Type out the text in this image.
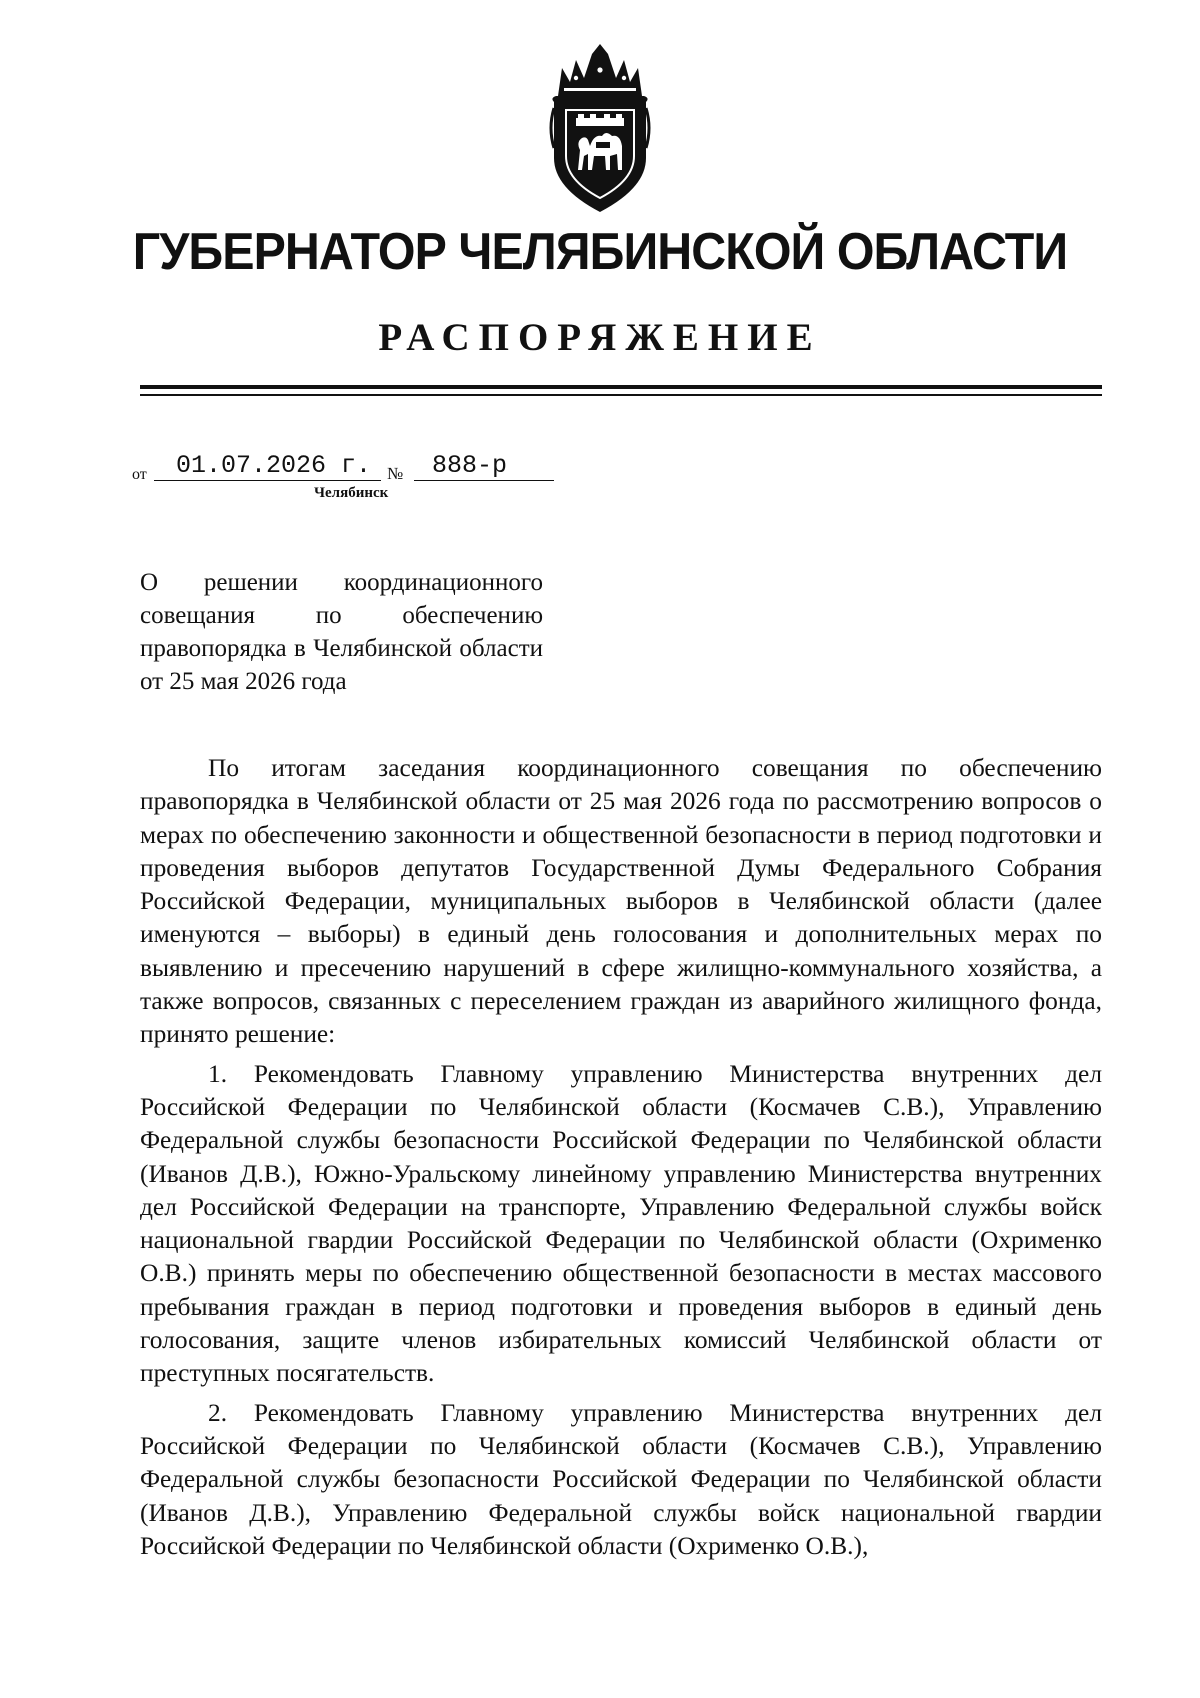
ГУБЕРНАТОР ЧЕЛЯБИНСКОЙ ОБЛАСТИ
РАСПОРЯЖЕНИЕ
от 01.07.2026 г. № 888-р
Челябинск
О решении координационного совещания по обеспечению правопорядка в Челябинской области от 25 мая 2026 года

По итогам заседания координационного совещания по обеспечению правопорядка в Челябинской области от 25 мая 2026 года по рассмотрению вопросов о мерах по обеспечению законности и общественной безопасности в период подготовки и проведения выборов депутатов Государственной Думы Федерального Собрания Российской Федерации, муниципальных выборов в Челябинской области (далее именуются – выборы) в единый день голосования и дополнительных мерах по выявлению и пресечению нарушений в сфере жилищно-коммунального хозяйства, а также вопросов, связанных с переселением граждан из аварийного жилищного фонда, принято решение:

1. Рекомендовать Главному управлению Министерства внутренних дел Российской Федерации по Челябинской области (Космачев С.В.), Управлению Федеральной службы безопасности Российской Федерации по Челябинской области (Иванов Д.В.), Южно-Уральскому линейному управлению Министерства внутренних дел Российской Федерации на транспорте, Управлению Федеральной службы войск национальной гвардии Российской Федерации по Челябинской области (Охрименко О.В.) принять меры по обеспечению общественной безопасности в местах массового пребывания граждан в период подготовки и проведения выборов в единый день голосования, защите членов избирательных комиссий Челябинской области от преступных посягательств.

2. Рекомендовать Главному управлению Министерства внутренних дел Российской Федерации по Челябинской области (Космачев С.В.), Управлению Федеральной службы безопасности Российской Федерации по Челябинской области (Иванов Д.В.), Управлению Федеральной службы войск национальной гвардии Российской Федерации по Челябинской области (Охрименко О.В.),
